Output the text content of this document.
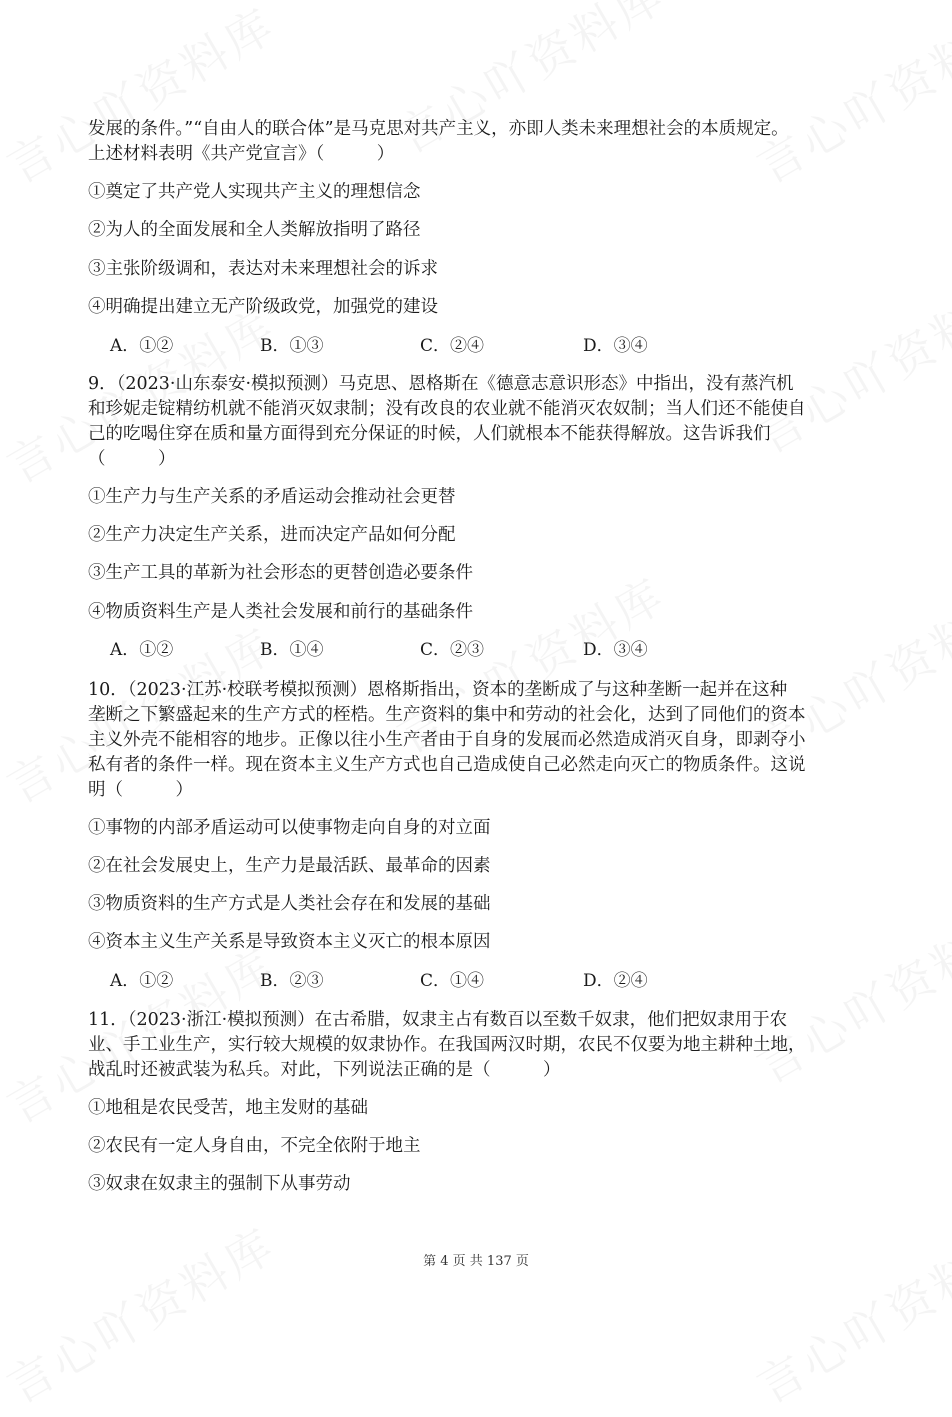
发展的条件。”“自由人的联合体”是马克思对共产主义，亦即人类未来理想社会的本质规定。
上述材料表明《共产党宣言》（　　　）
①奠定了共产党人实现共产主义的理想信念
②为人的全面发展和全人类解放指明了路径
③主张阶级调和，表达对未来理想社会的诉求
④明确提出建立无产阶级政党，加强党的建设
A．①②	B．①③	C．②④	D．③④
9．（2023·山东泰安·模拟预测）马克思、恩格斯在《德意志意识形态》中指出，没有蒸汽机
和珍妮走锭精纺机就不能消灭奴隶制；没有改良的农业就不能消灭农奴制；当人们还不能使自
己的吃喝住穿在质和量方面得到充分保证的时候，人们就根本不能获得解放。这告诉我们
（　　　）
①生产力与生产关系的矛盾运动会推动社会更替
②生产力决定生产关系，进而决定产品如何分配
③生产工具的革新为社会形态的更替创造必要条件
④物质资料生产是人类社会发展和前行的基础条件
A．①②	B．①④	C．②③	D．③④
10．（2023·江苏·校联考模拟预测）恩格斯指出，资本的垄断成了与这种垄断一起并在这种
垄断之下繁盛起来的生产方式的桎梏。生产资料的集中和劳动的社会化，达到了同他们的资本
主义外壳不能相容的地步。正像以往小生产者由于自身的发展而必然造成消灭自身，即剥夺小
私有者的条件一样。现在资本主义生产方式也自己造成使自己必然走向灭亡的物质条件。这说
明（　　　）
①事物的内部矛盾运动可以使事物走向自身的对立面
②在社会发展史上，生产力是最活跃、最革命的因素
③物质资料的生产方式是人类社会存在和发展的基础
④资本主义生产关系是导致资本主义灭亡的根本原因
A．①②	B．②③	C．①④	D．②④
11．（2023·浙江·模拟预测）在古希腊，奴隶主占有数百以至数千奴隶，他们把奴隶用于农
业、手工业生产，实行较大规模的奴隶协作。在我国两汉时期，农民不仅要为地主耕种土地，
战乱时还被武装为私兵。对此，下列说法正确的是（　　　）
①地租是农民受苦，地主发财的基础
②农民有一定人身自由，不完全依附于地主
③奴隶在奴隶主的强制下从事劳动
第 4 页 共 137 页
